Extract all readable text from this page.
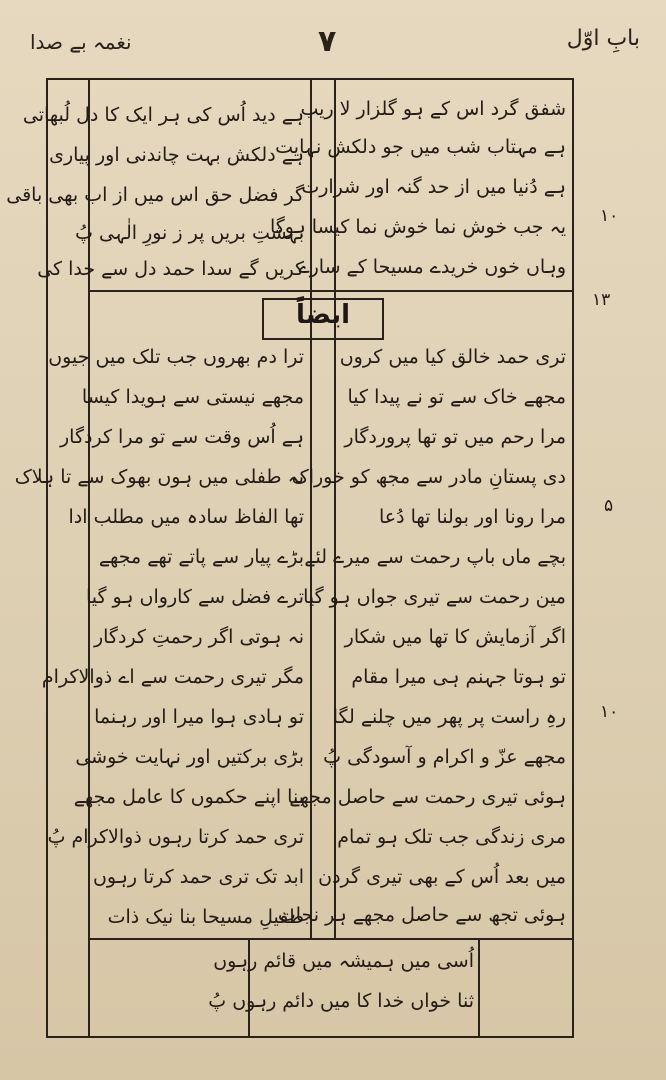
نغمہ بے صدا	۷	بابِ اوّل
ایضاً
۱۰
۱۳
۵
۱۰
شفق گرد اس کے ہو گلزار لا ریب
ہے مہتاب شب میں جو دلکش نہایت
ہے دُنیا میں از حد گنہ اور شرارت
یہ جب خوش نما خوش نما کیسا ہوگا
وہاں خوں خریدے مسیحا کے سارے
ہے دید اُس کی ہر ایک کا دل لُبھاتی
ہے دلکش بہت چاندنی اور پیاری
گر فضل حق اس میں از اب بھی باقی
بہشتِ بریں پر ز نورِ الٰہی پُ
کریں گے سدا حمد دل سے خدا کی
تری حمد خالق کیا میں کروں
مجھے خاک سے تو نے پیدا کیا
مرا رحم میں تو تھا پروردگار
دی پستانِ مادر سے مجھ کو خوراک
مرا رونا اور بولنا تھا دُعا
بچے ماں باپ رحمت سے میرے لئے
مین رحمت سے تیری جواں ہو گیا
اگر آزمایش کا تھا میں شکار
تو ہوتا جہنم ہی میرا مقام
رہِ راست پر پھر میں چلنے لگا
مجھے عزّ و اکرام و آسودگی پُ
ہوئی تیری رحمت سے حاصل مجھے
مری زندگی جب تلک ہو تمام
میں بعد اُس کے بھی تیری گردن
ہوئی تجھ سے حاصل مجھے ہر نجات
ترا دم بھروں جب تلک میں جیوں
مجھے نیستی سے ہویدا کیسا
ہے اُس وقت سے تو مرا کردگار
نہ طفلی میں ہوں بھوک سے تا ہلاک
تھا الفاظ سادہ میں مطلب ادا
بڑے پیار سے پاتے تھے مجھے
ترے فضل سے کارواں ہو گیا
نہ ہوتی اگر رحمتِ کردگار
مگر تیری رحمت سے اے ذوالاکرام
تو ہادی ہوا میرا اور رہنما
بڑی برکتیں اور نہایت خوشی
بنا اپنے حکموں کا عامل مجھے
تری حمد کرتا رہوں ذوالاکرام پُ
ابد تک تری حمد کرتا رہوں
طفیلِ مسیحا بنا نیک ذات
اُسی میں ہمیشہ میں قائم رہوں
ثنا خواں خدا کا میں دائم رہوں پُ
